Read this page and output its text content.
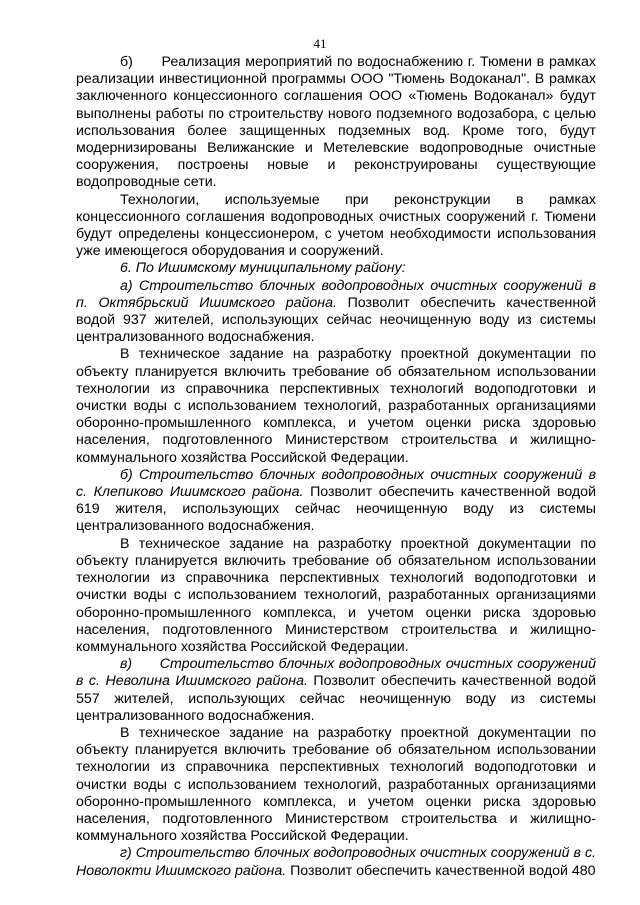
41

б)      Реализация мероприятий по водоснабжению г. Тюмени в рамках реализации инвестиционной программы ООО "Тюмень Водоканал". В рамках заключенного концессионного соглашения ООО «Тюмень Водоканал» будут выполнены работы по строительству нового подземного водозабора, с целью использования более защищенных подземных вод. Кроме того, будут модернизированы Велижанские и Метелевские водопроводные очистные сооружения, построены новые и реконструированы существующие водопроводные сети.

Технологии, используемые при реконструкции в рамках концессионного соглашения водопроводных очистных сооружений г. Тюмени будут определены концессионером, с учетом необходимости использования уже имеющегося оборудования и сооружений.

6. По Ишимскому муниципальному району:

а) Строительство блочных водопроводных очистных сооружений в п. Октябрьский Ишимского района. Позволит обеспечить качественной водой 937 жителей, использующих сейчас неочищенную воду из системы централизованного водоснабжения.

В техническое задание на разработку проектной документации по объекту планируется включить требование об обязательном использовании технологии из справочника перспективных технологий водоподготовки и очистки воды с использованием технологий, разработанных организациями оборонно-промышленного комплекса, и учетом оценки риска здоровью населения, подготовленного Министерством строительства и жилищно-коммунального хозяйства Российской Федерации.

б) Строительство блочных водопроводных очистных сооружений в с. Клепиково Ишимского района. Позволит обеспечить качественной водой 619 жителя, использующих сейчас неочищенную воду из системы централизованного водоснабжения.

В техническое задание на разработку проектной документации по объекту планируется включить требование об обязательном использовании технологии из справочника перспективных технологий водоподготовки и очистки воды с использованием технологий, разработанных организациями оборонно-промышленного комплекса, и учетом оценки риска здоровью населения, подготовленного Министерством строительства и жилищно-коммунального хозяйства Российской Федерации.

в)      Строительство блочных водопроводных очистных сооружений в с. Неволина Ишимского района. Позволит обеспечить качественной водой 557 жителей, использующих сейчас неочищенную воду из системы централизованного водоснабжения.

В техническое задание на разработку проектной документации по объекту планируется включить требование об обязательном использовании технологии из справочника перспективных технологий водоподготовки и очистки воды с использованием технологий, разработанных организациями оборонно-промышленного комплекса, и учетом оценки риска здоровью населения, подготовленного Министерством строительства и жилищно-коммунального хозяйства Российской Федерации.

г) Строительство блочных водопроводных очистных сооружений в с. Новолокти Ишимского района. Позволит обеспечить качественной водой 480
